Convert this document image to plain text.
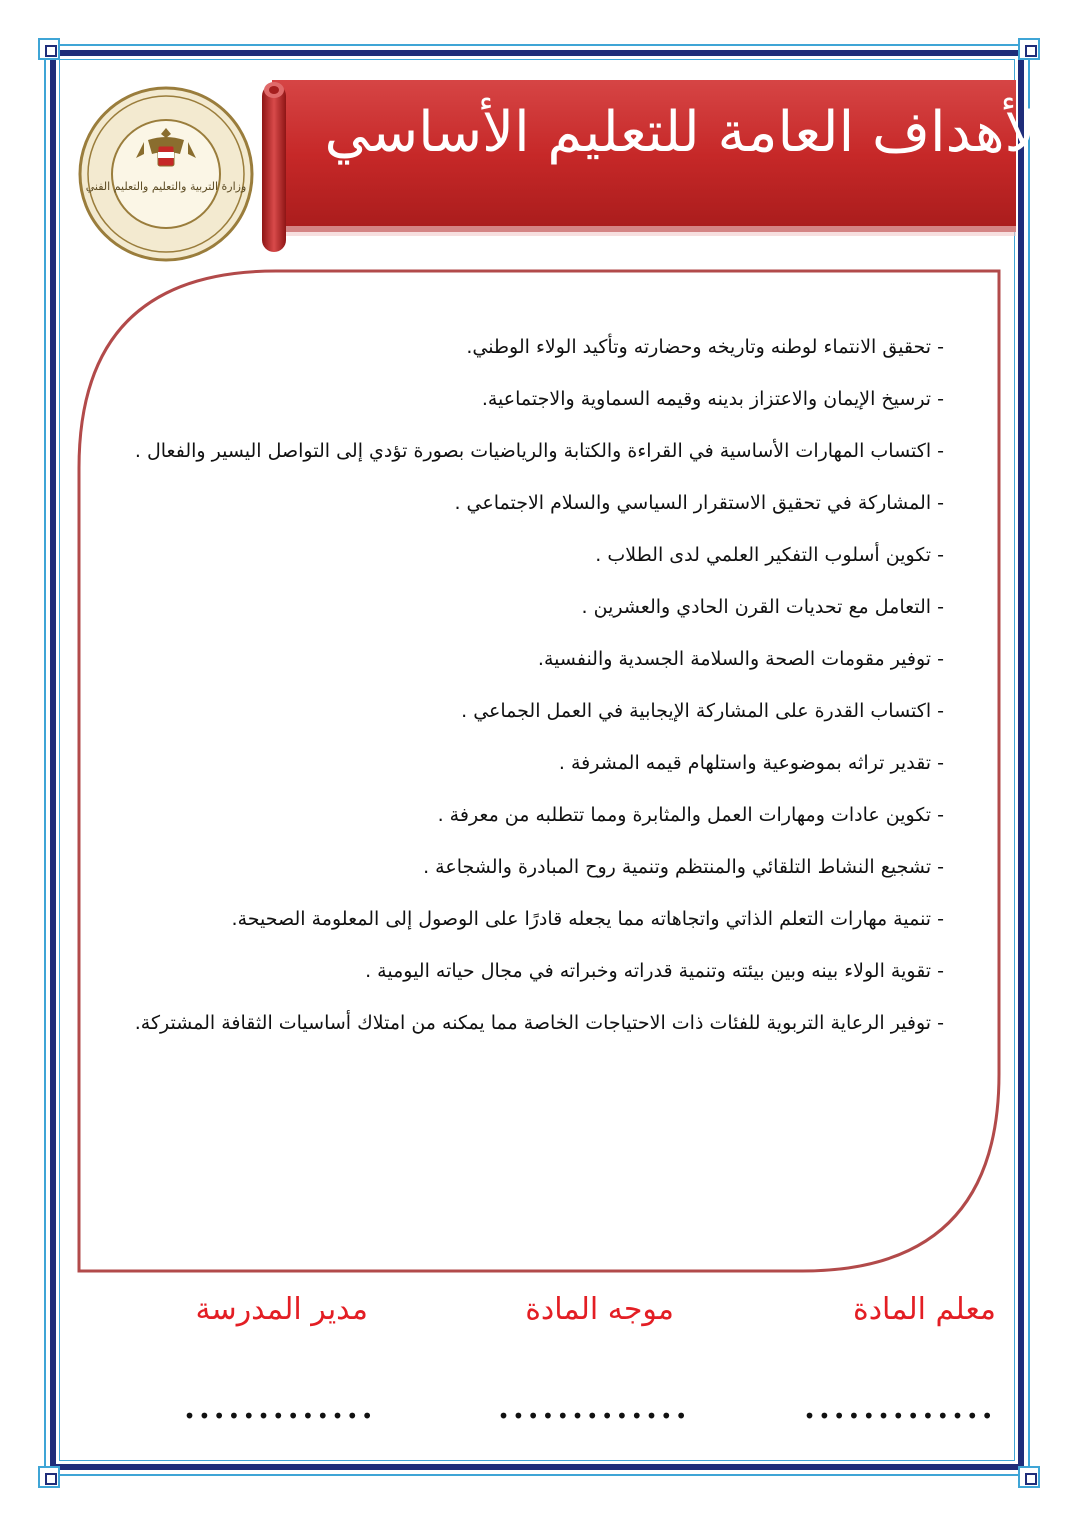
وزارة التربية والتعليم والتعليم الفني
الأهداف العامة للتعليم الأساسي
- تحقيق الانتماء لوطنه وتاريخه وحضارته وتأكيد الولاء الوطني.
- ترسيخ الإيمان والاعتزاز بدينه وقيمه السماوية والاجتماعية.
- اكتساب المهارات الأساسية في القراءة والكتابة والرياضيات بصورة تؤدي إلى التواصل اليسير والفعال .
- المشاركة في تحقيق الاستقرار السياسي والسلام الاجتماعي .
- تكوين أسلوب التفكير العلمي لدى الطلاب .
- التعامل مع تحديات القرن الحادي والعشرين .
- توفير مقومات الصحة والسلامة الجسدية والنفسية.
- اكتساب القدرة على المشاركة الإيجابية في العمل الجماعي .
- تقدير تراثه بموضوعية واستلهام قيمه المشرفة .
- تكوين عادات ومهارات العمل والمثابرة ومما تتطلبه من معرفة .
- تشجيع النشاط التلقائي والمنتظم وتنمية روح المبادرة والشجاعة .
- تنمية مهارات التعلم الذاتي واتجاهاته مما يجعله قادرًا على الوصول إلى المعلومة الصحيحة.
- تقوية الولاء بينه وبين بيئته وتنمية قدراته وخبراته في مجال حياته اليومية .
- توفير الرعاية التربوية للفئات ذات الاحتياجات الخاصة مما يمكنه من امتلاك أساسيات الثقافة المشتركة.
معلم المادة
موجه المادة
مدير المدرسة
•••••••••••••
•••••••••••••
•••••••••••••
